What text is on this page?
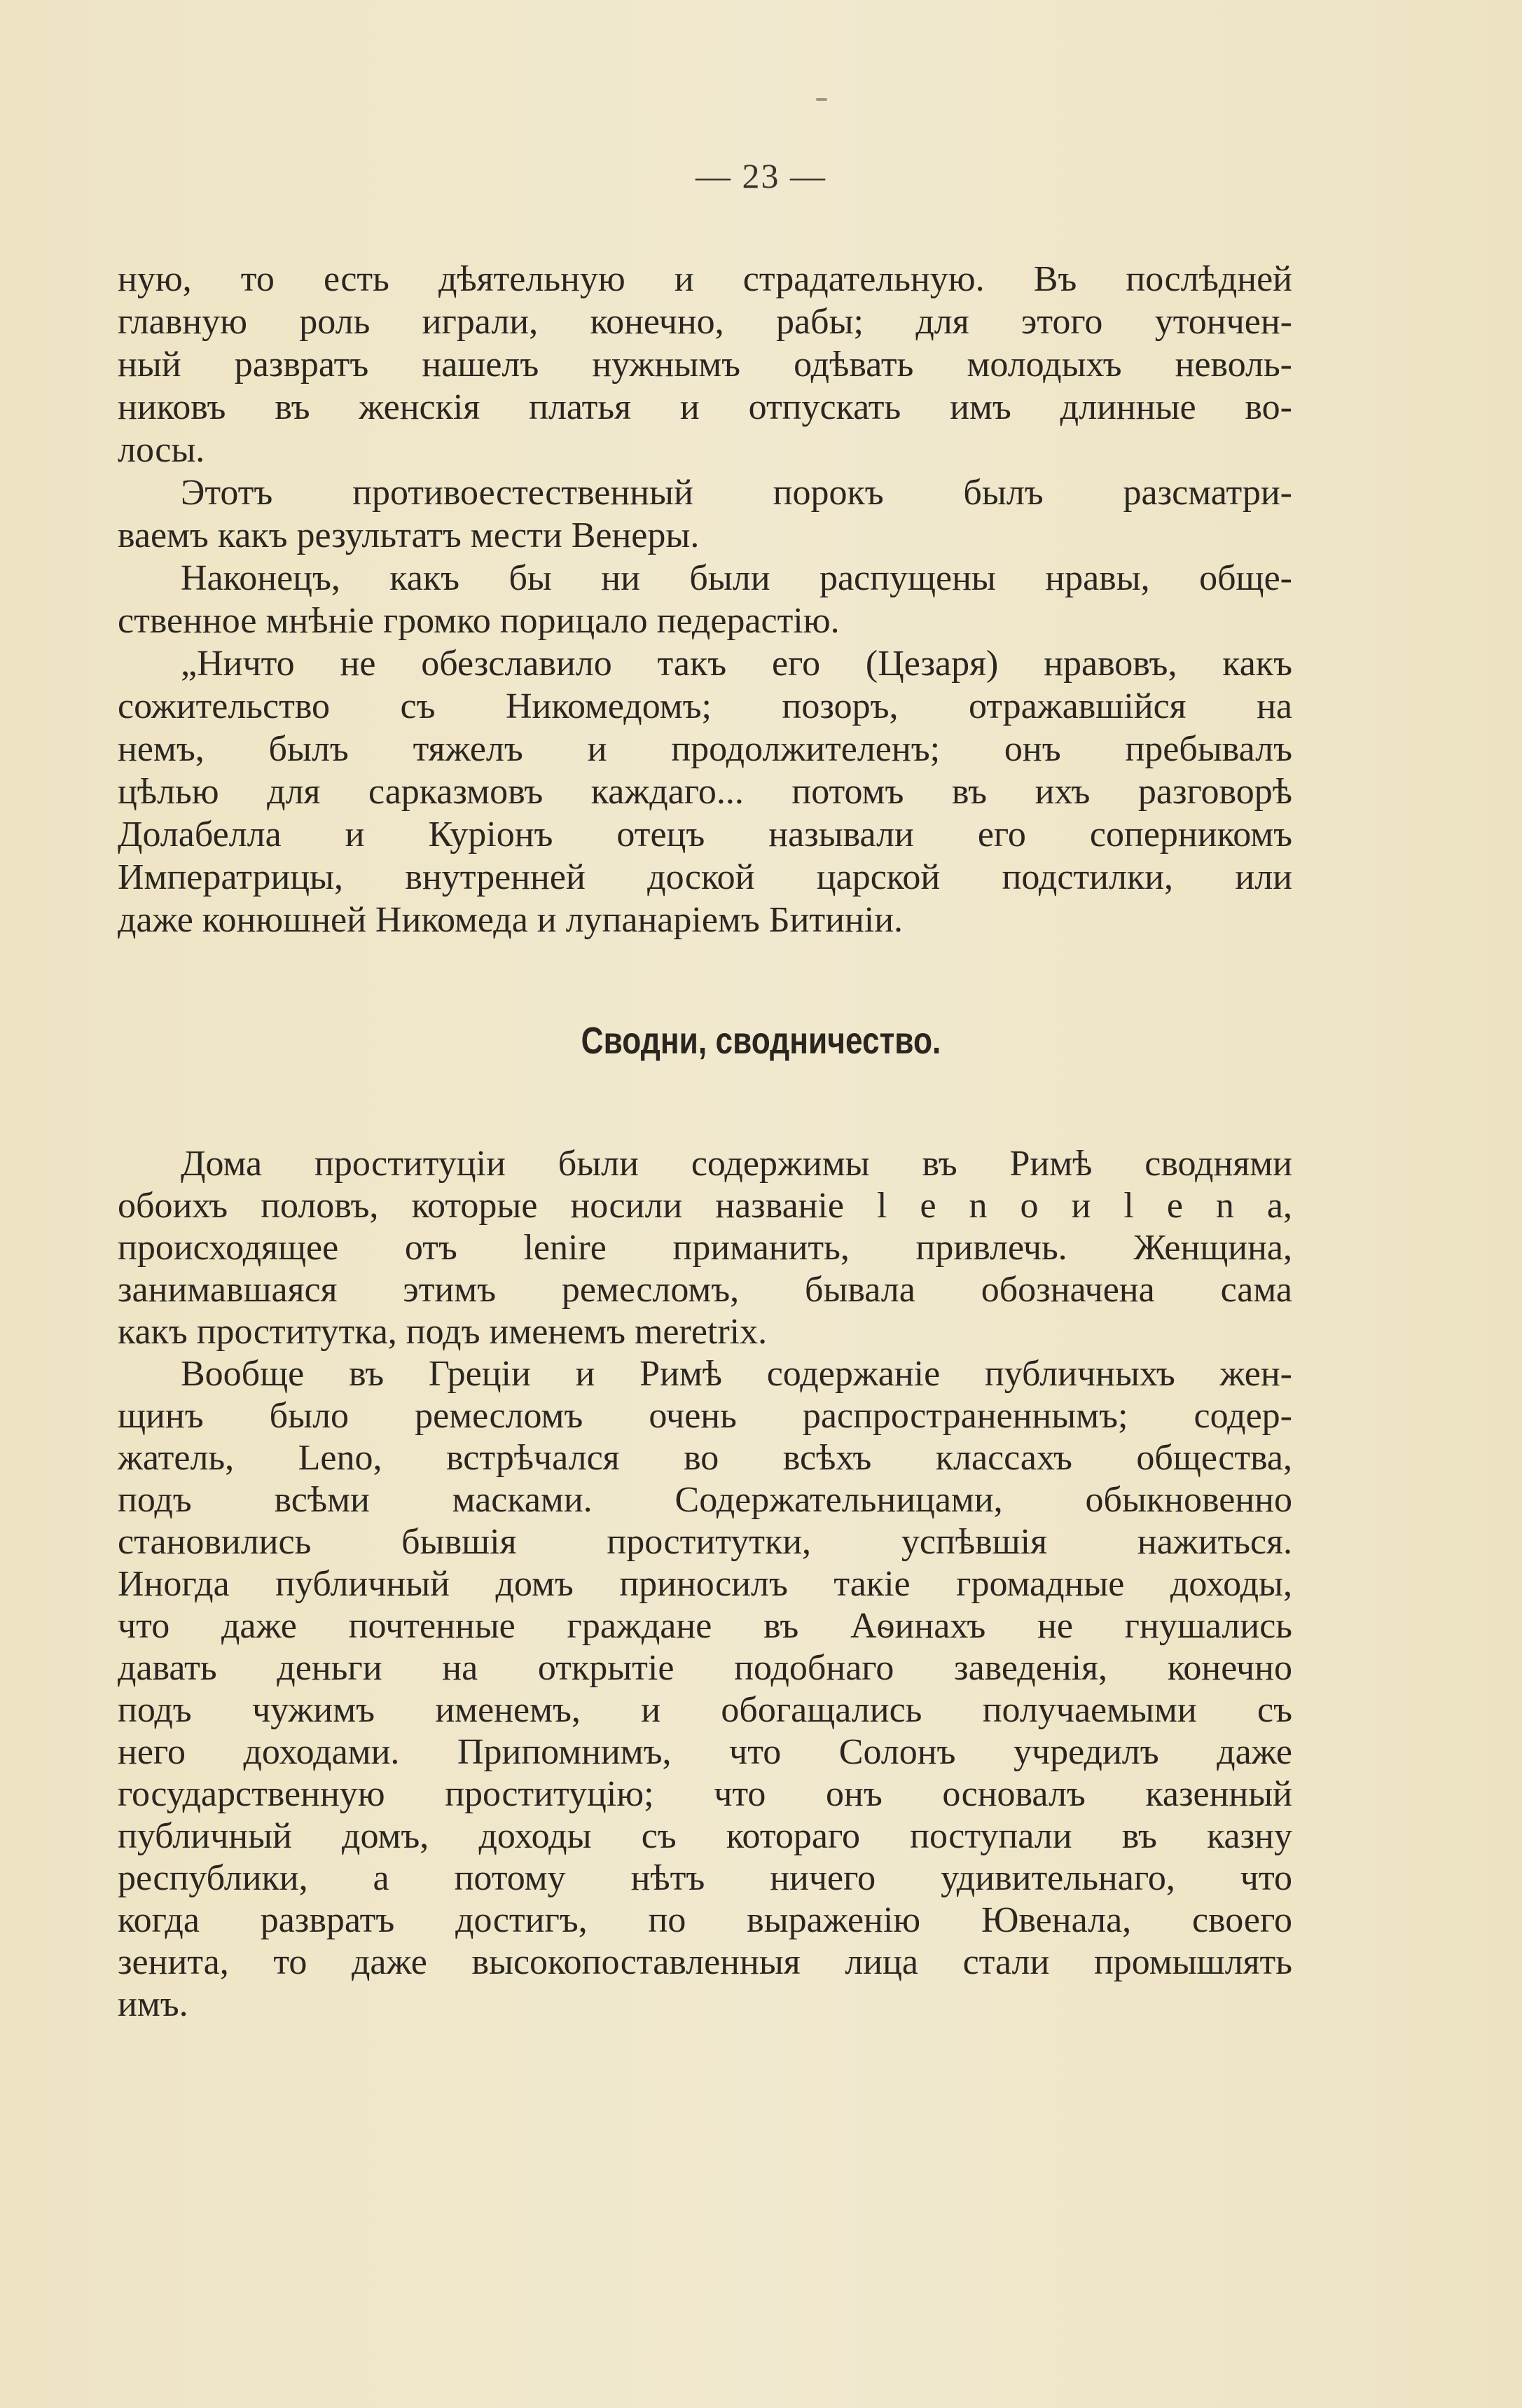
— 23 —
ную, то есть дѣятельную и страдательную. Въ послѣдней
главную роль играли, конечно, рабы; для этого утончен-
ный развратъ нашелъ нужнымъ одѣвать молодыхъ неволь-
никовъ въ женскія платья и отпускать имъ длинные во-
лосы.
Этотъ противоестественный порокъ былъ разсматри-
ваемъ какъ результатъ мести Венеры.
Наконецъ, какъ бы ни были распущены нравы, обще-
ственное мнѣніе громко порицало педерастію.
„Ничто не обезславило такъ его (Цезаря) нравовъ, какъ
сожительство съ Никомедомъ; позоръ, отражавшійся на
немъ, былъ тяжелъ и продолжителенъ; онъ пребывалъ
цѣлью для сарказмовъ каждаго... потомъ въ ихъ разговорѣ
Долабелла и Куріонъ отецъ называли его соперникомъ
Императрицы, внутренней доской царской подстилки, или
даже конюшней Никомеда и лупанаріемъ Битиніи.
Сводни, сводничество.
Дома проституціи были содержимы въ Римѣ своднями
обоихъ половъ, которые носили названіе l e n o и l e n a,
происходящее отъ lenire приманить, привлечь. Женщина,
занимавшаяся этимъ ремесломъ, бывала обозначена сама
какъ проститутка, подъ именемъ meretrix.
Вообще въ Греціи и Римѣ содержаніе публичныхъ жен-
щинъ было ремесломъ очень распространеннымъ; содер-
жатель, Leno, встрѣчался во всѣхъ классахъ общества,
подъ всѣми масками. Содержательницами, обыкновенно
становились бывшія проститутки, успѣвшія нажиться.
Иногда публичный домъ приносилъ такіе громадные доходы,
что даже почтенные граждане въ Аѳинахъ не гнушались
давать деньги на открытіе подобнаго заведенія, конечно
подъ чужимъ именемъ, и обогащались получаемыми съ
него доходами. Припомнимъ, что Солонъ учредилъ даже
государственную проституцію; что онъ основалъ казенный
публичный домъ, доходы съ котораго поступали въ казну
республики, а потому нѣтъ ничего удивительнаго, что
когда развратъ достигъ, по выраженію Ювенала, своего
зенита, то даже высокопоставленныя лица стали промышлять
имъ.
